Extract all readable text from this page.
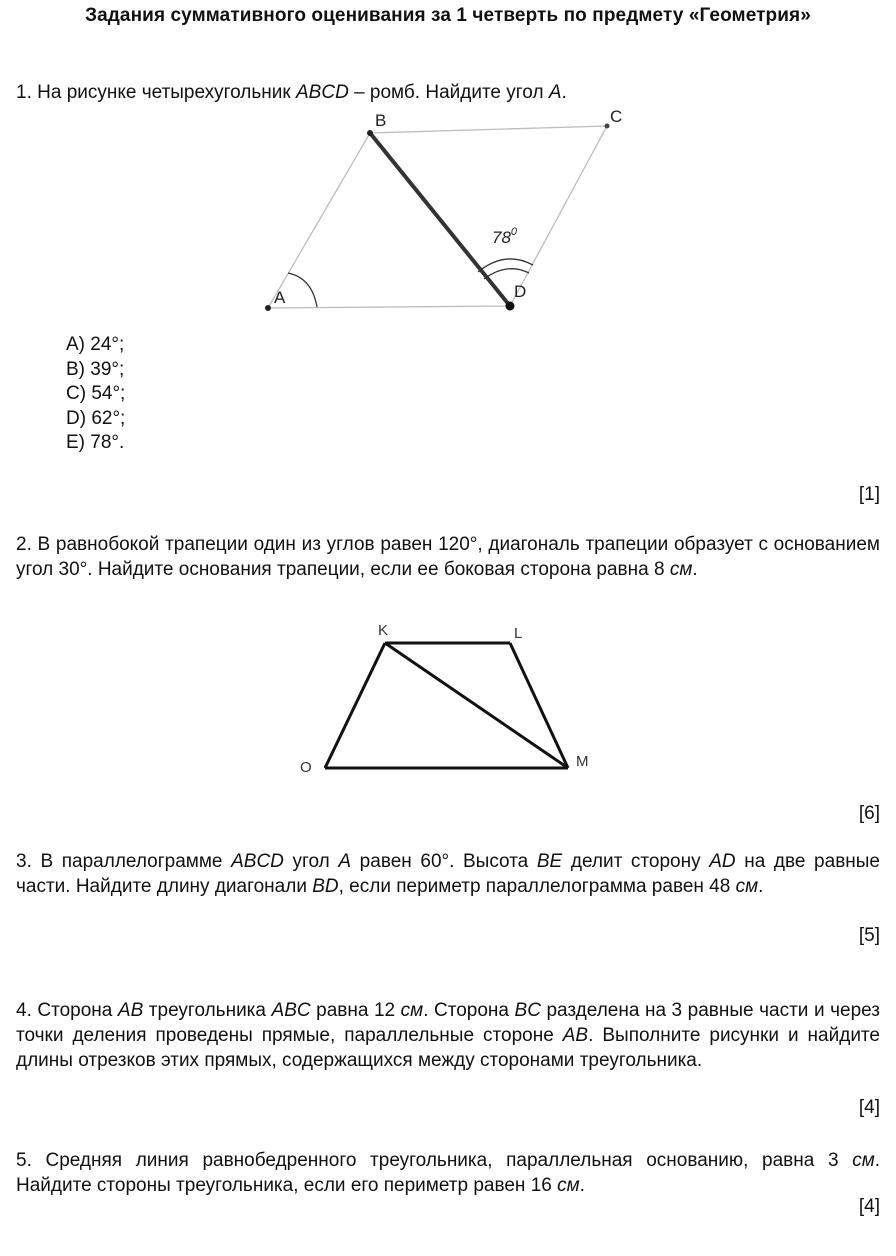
Задания суммативного оценивания за 1 четверть по предмету «Геометрия»
1. На рисунке четырехугольник ABCD – ромб. Найдите угол A.
A
B	C
D
$78^0$
A) 24°;
B) 39°;
C) 54°;
D) 62°;
E) 78°.
[1]
2. В равнобокой трапеции один из углов равен 120°, диагональ трапеции образует с основанием угол 30°. Найдите основания трапеции, если ее боковая сторона равна 8 см.
K	L
O	M
[6]
3. В параллелограмме ABCD угол A равен 60°. Высота BE делит сторону AD на две равные части. Найдите длину диагонали BD, если периметр параллелограмма равен 48 см.
[5]
4. Сторона AB треугольника ABC равна 12 см. Сторона BC разделена на 3 равные части и через точки деления проведены прямые, параллельные стороне AB. Выполните рисунки и найдите длины отрезков этих прямых, содержащихся между сторонами треугольника.
[4]
5. Средняя линия равнобедренного треугольника, параллельная основанию, равна 3 см. Найдите стороны треугольника, если его периметр равен 16 см.
[4]
